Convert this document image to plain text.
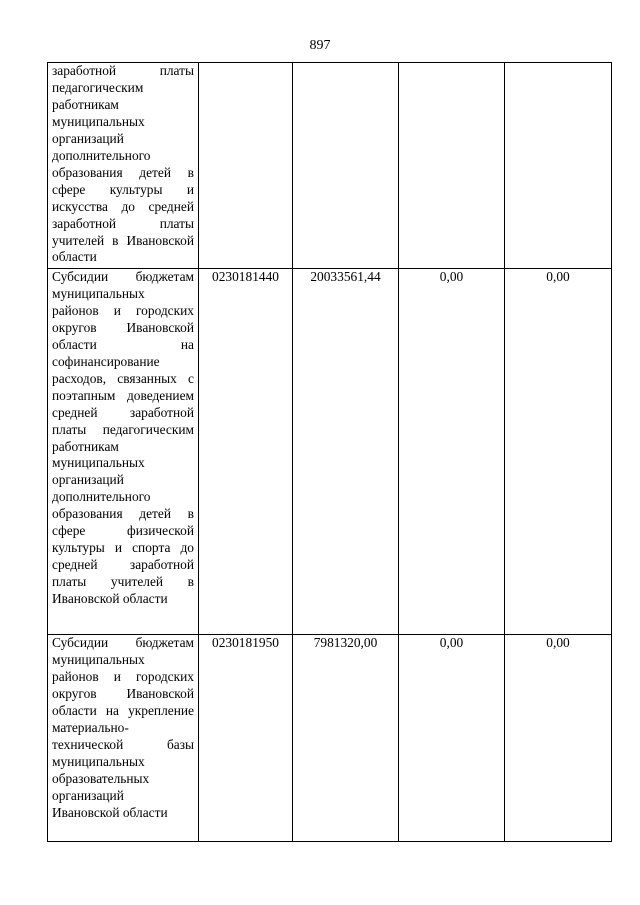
897
заработной платы педагогическим работникам муниципальных организаций дополнительного образования детей в сфере культуры и искусства до средней заработной платы учителей в Ивановской области				

Субсидии бюджетам муниципальных районов и городских округов Ивановской области на софинансирование расходов, связанных с поэтапным доведением средней заработной платы педагогическим работникам муниципальных организаций дополнительного образования детей в сфере физической культуры и спорта до средней заработной платы учителей в Ивановской области	0230181440	20033561,44	0,00	0,00

Субсидии бюджетам муниципальных районов и городских округов Ивановской области на укрепление материально-технической базы муниципальных образовательных организаций Ивановской области	0230181950	7981320,00	0,00	0,00
